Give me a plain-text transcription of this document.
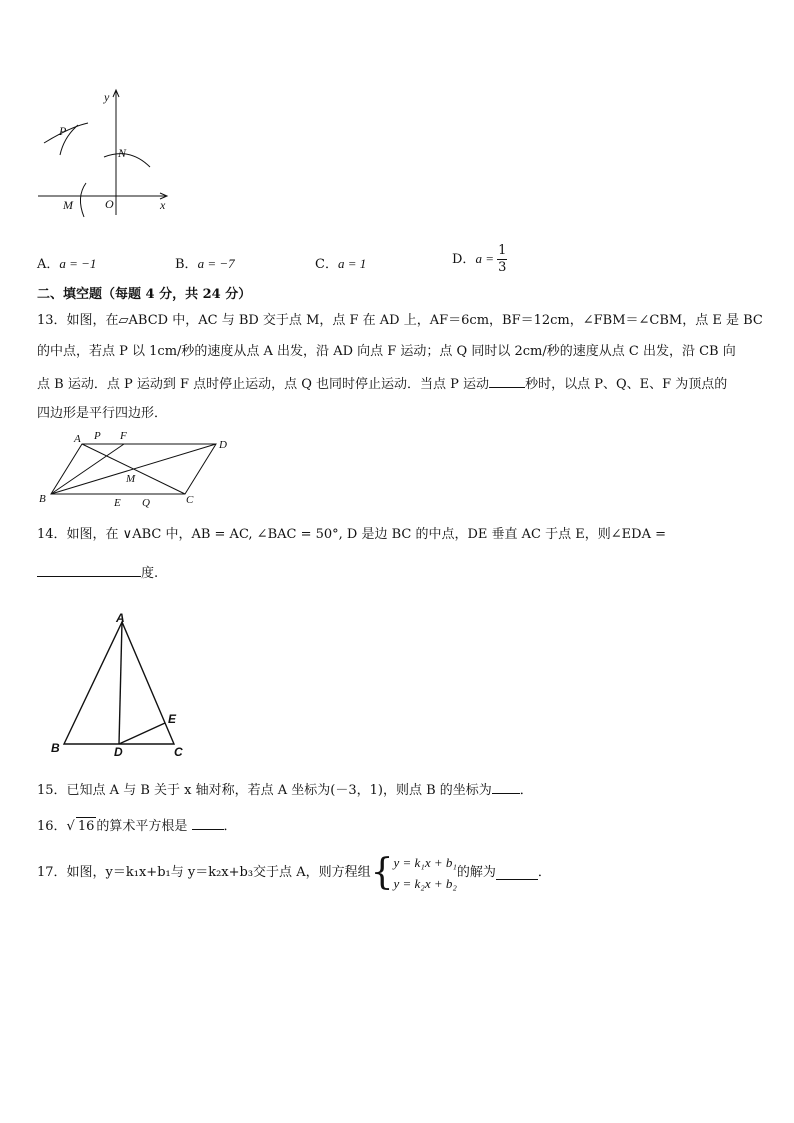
y
P
N
M	O	x
A．a = −1	B．a = −7	C．a = 1	D．$a = \frac{1}{3}$
二、填空题（每题 4 分，共 24 分）
13．如图，在▱ABCD 中，AC 与 BD 交于点 M，点 F 在 AD 上，AF＝6cm，BF＝12cm，∠FBM＝∠CBM，点 E 是 BC
的中点，若点 P 以 1cm/秒的速度从点 A 出发，沿 AD 向点 F 运动；点 Q 同时以 2cm/秒的速度从点 C 出发，沿 CB 向
点 B 运动．点 P 运动到 F 点时停止运动，点 Q 也同时停止运动．当点 P 运动	秒时，以点 P、Q、E、F 为顶点的
四边形是平行四边形．
A P F
D
M
B	E Q	C
14．如图，在 ∨ABC 中，AB = AC, ∠BAC = 50°, D 是边 BC 的中点，DE 垂直 AC 于点 E，则∠EDA =
度.
A
B	D	C
E
15．已知点 A 与 B 关于 x 轴对称，若点 A 坐标为(－3，1)，则点 B 的坐标为 ．
16．√ 16 的算术平方根是	．
17．如图，y＝k₁x+b₁与 y＝k₂x+b₃交于点 A，则方程组 { y = k₁x + b₁
y = k₂x + b₂
的解为	．
